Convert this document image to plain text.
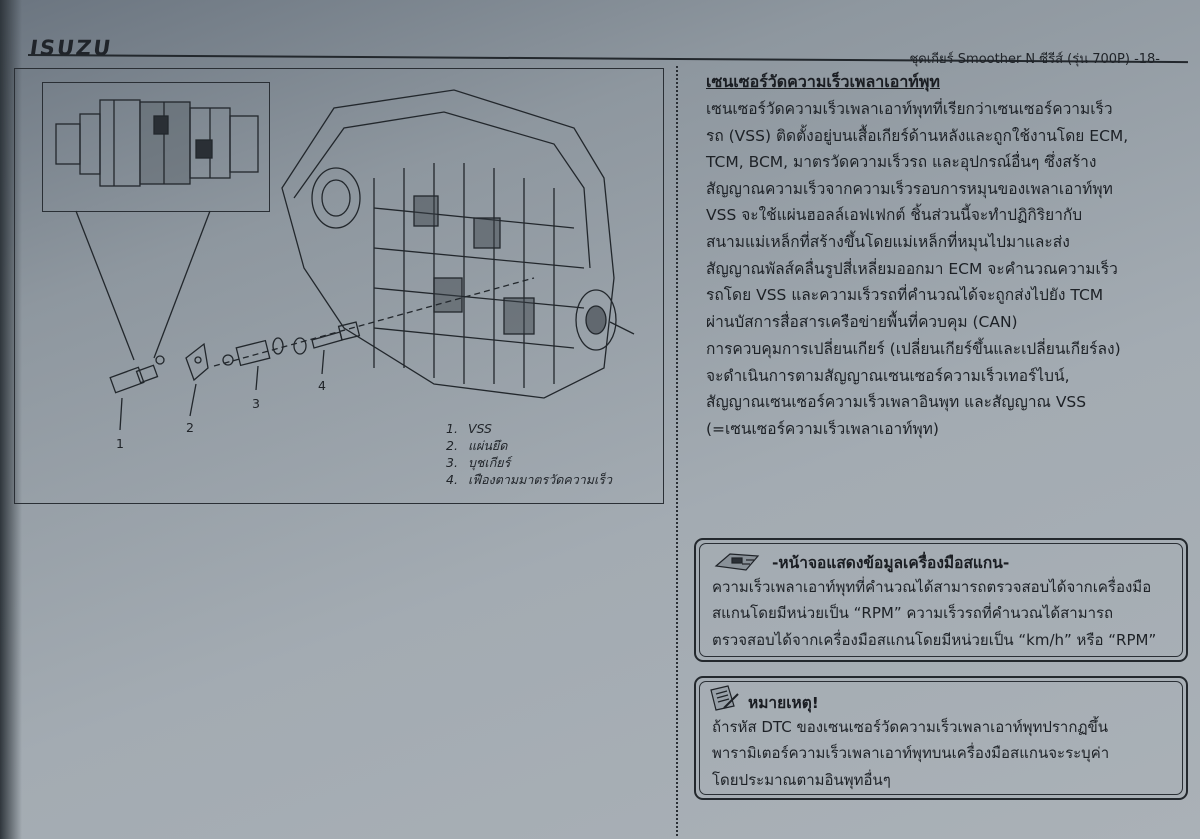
ISUZU	ชุดเกียร์ Smoother N ซีรีส์ (รุ่น 700P) -18-
1
2
3
4
1. VSS
2. แผ่นยึด
3. บุชเกียร์
4. เฟืองตามมาตรวัดความเร็ว
เซนเซอร์วัดความเร็วเพลาเอาท์พุท
เซนเซอร์วัดความเร็วเพลาเอาท์พุทที่เรียกว่าเซนเซอร์ความเร็ว
รถ (VSS) ติดตั้งอยู่บนเสื้อเกียร์ด้านหลังและถูกใช้งานโดย ECM,
TCM, BCM, มาตรวัดความเร็วรถ และอุปกรณ์อื่นๆ ซึ่งสร้าง
สัญญาณความเร็วจากความเร็วรอบการหมุนของเพลาเอาท์พุท
VSS จะใช้แผ่นฮอลล์เอฟเฟกต์ ชิ้นส่วนนี้จะทำปฏิกิริยากับ
สนามแม่เหล็กที่สร้างขึ้นโดยแม่เหล็กที่หมุนไปมาและส่ง
สัญญาณพัลส์คลื่นรูปสี่เหลี่ยมออกมา ECM จะคำนวณความเร็ว
รถโดย VSS และความเร็วรถที่คำนวณได้จะถูกส่งไปยัง TCM
ผ่านบัสการสื่อสารเครือข่ายพื้นที่ควบคุม (CAN)
การควบคุมการเปลี่ยนเกียร์ (เปลี่ยนเกียร์ขึ้นและเปลี่ยนเกียร์ลง)
จะดำเนินการตามสัญญาณเซนเซอร์ความเร็วเทอร์ไบน์,
สัญญาณเซนเซอร์ความเร็วเพลาอินพุท และสัญญาณ VSS
(=เซนเซอร์ความเร็วเพลาเอาท์พุท)
-หน้าจอแสดงข้อมูลเครื่องมือสแกน-
ความเร็วเพลาเอาท์พุทที่คำนวณได้สามารถตรวจสอบได้จากเครื่องมือ
สแกนโดยมีหน่วยเป็น “RPM” ความเร็วรถที่คำนวณได้สามารถ
ตรวจสอบได้จากเครื่องมือสแกนโดยมีหน่วยเป็น “km/h” หรือ “RPM”
หมายเหตุ!
ถ้ารหัส DTC ของเซนเซอร์วัดความเร็วเพลาเอาท์พุทปรากฏขึ้น
พารามิเตอร์ความเร็วเพลาเอาท์พุทบนเครื่องมือสแกนจะระบุค่า
โดยประมาณตามอินพุทอื่นๆ
